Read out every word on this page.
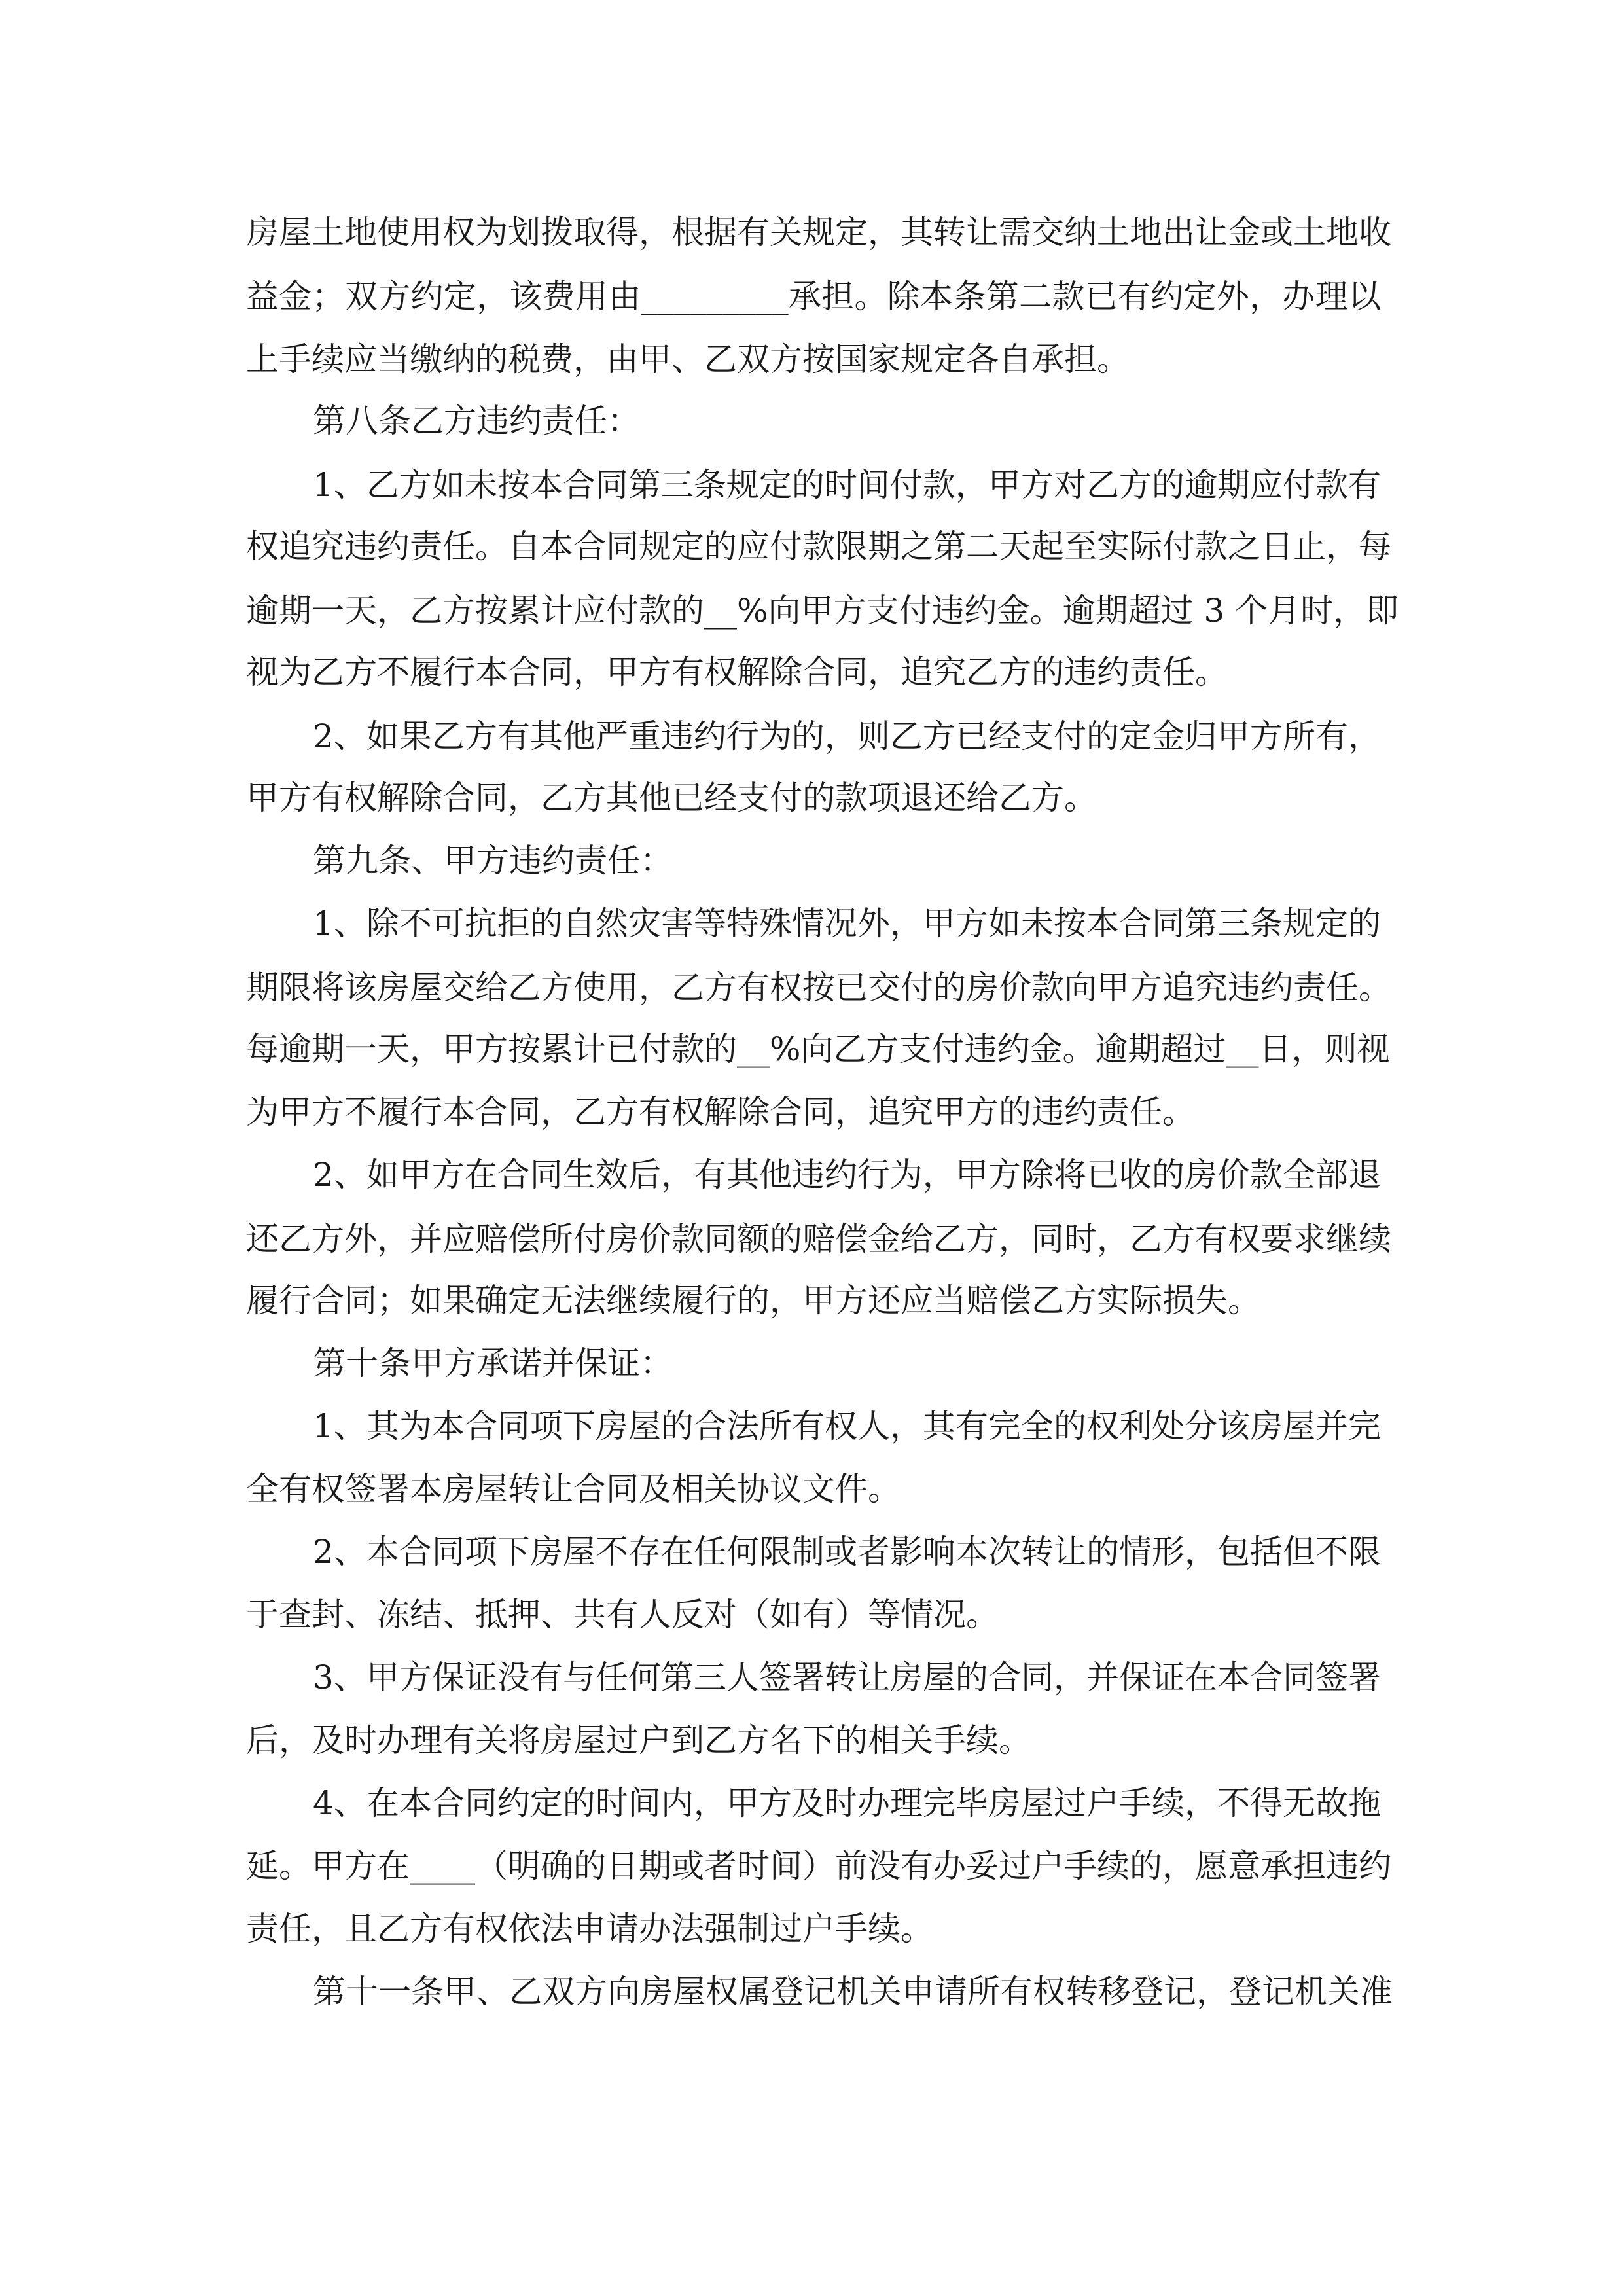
房屋土地使用权为划拨取得，根据有关规定，其转让需交纳土地出让金或土地收
益金；双方约定，该费用由_________承担。除本条第二款已有约定外，办理以
上手续应当缴纳的税费，由甲、乙双方按国家规定各自承担。
第八条乙方违约责任：
1、乙方如未按本合同第三条规定的时间付款，甲方对乙方的逾期应付款有
权追究违约责任。自本合同规定的应付款限期之第二天起至实际付款之日止，每
逾期一天，乙方按累计应付款的__%向甲方支付违约金。逾期超过 3 个月时，即
视为乙方不履行本合同，甲方有权解除合同，追究乙方的违约责任。
2、如果乙方有其他严重违约行为的，则乙方已经支付的定金归甲方所有，
甲方有权解除合同，乙方其他已经支付的款项退还给乙方。
第九条、甲方违约责任：
1、除不可抗拒的自然灾害等特殊情况外，甲方如未按本合同第三条规定的
期限将该房屋交给乙方使用，乙方有权按已交付的房价款向甲方追究违约责任。
每逾期一天，甲方按累计已付款的__%向乙方支付违约金。逾期超过__日，则视
为甲方不履行本合同，乙方有权解除合同，追究甲方的违约责任。
2、如甲方在合同生效后，有其他违约行为，甲方除将已收的房价款全部退
还乙方外，并应赔偿所付房价款同额的赔偿金给乙方，同时，乙方有权要求继续
履行合同；如果确定无法继续履行的，甲方还应当赔偿乙方实际损失。
第十条甲方承诺并保证：
1、其为本合同项下房屋的合法所有权人，其有完全的权利处分该房屋并完
全有权签署本房屋转让合同及相关协议文件。
2、本合同项下房屋不存在任何限制或者影响本次转让的情形，包括但不限
于查封、冻结、抵押、共有人反对（如有）等情况。
3、甲方保证没有与任何第三人签署转让房屋的合同，并保证在本合同签署
后，及时办理有关将房屋过户到乙方名下的相关手续。
4、在本合同约定的时间内，甲方及时办理完毕房屋过户手续，不得无故拖
延。甲方在____（明确的日期或者时间）前没有办妥过户手续的，愿意承担违约
责任，且乙方有权依法申请办法强制过户手续。
第十一条甲、乙双方向房屋权属登记机关申请所有权转移登记，登记机关准
